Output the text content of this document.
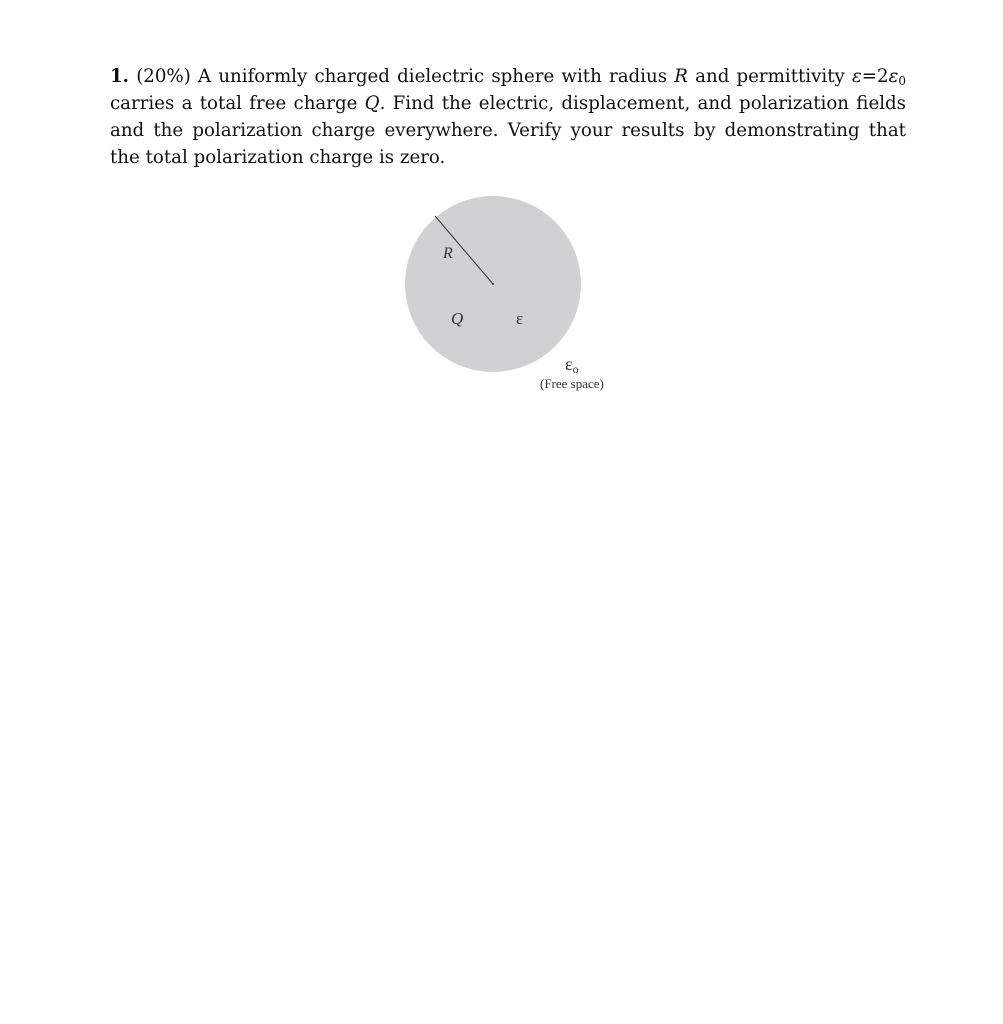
1. (20%) A uniformly charged dielectric sphere with radius R and permittivity $\varepsilon=2\varepsilon_0$ carries a total free charge Q. Find the electric, displacement, and polarization fields and the polarization charge everywhere. Verify your results by demonstrating that the total polarization charge is zero.
R
Q	ε
εo
(Free space)
